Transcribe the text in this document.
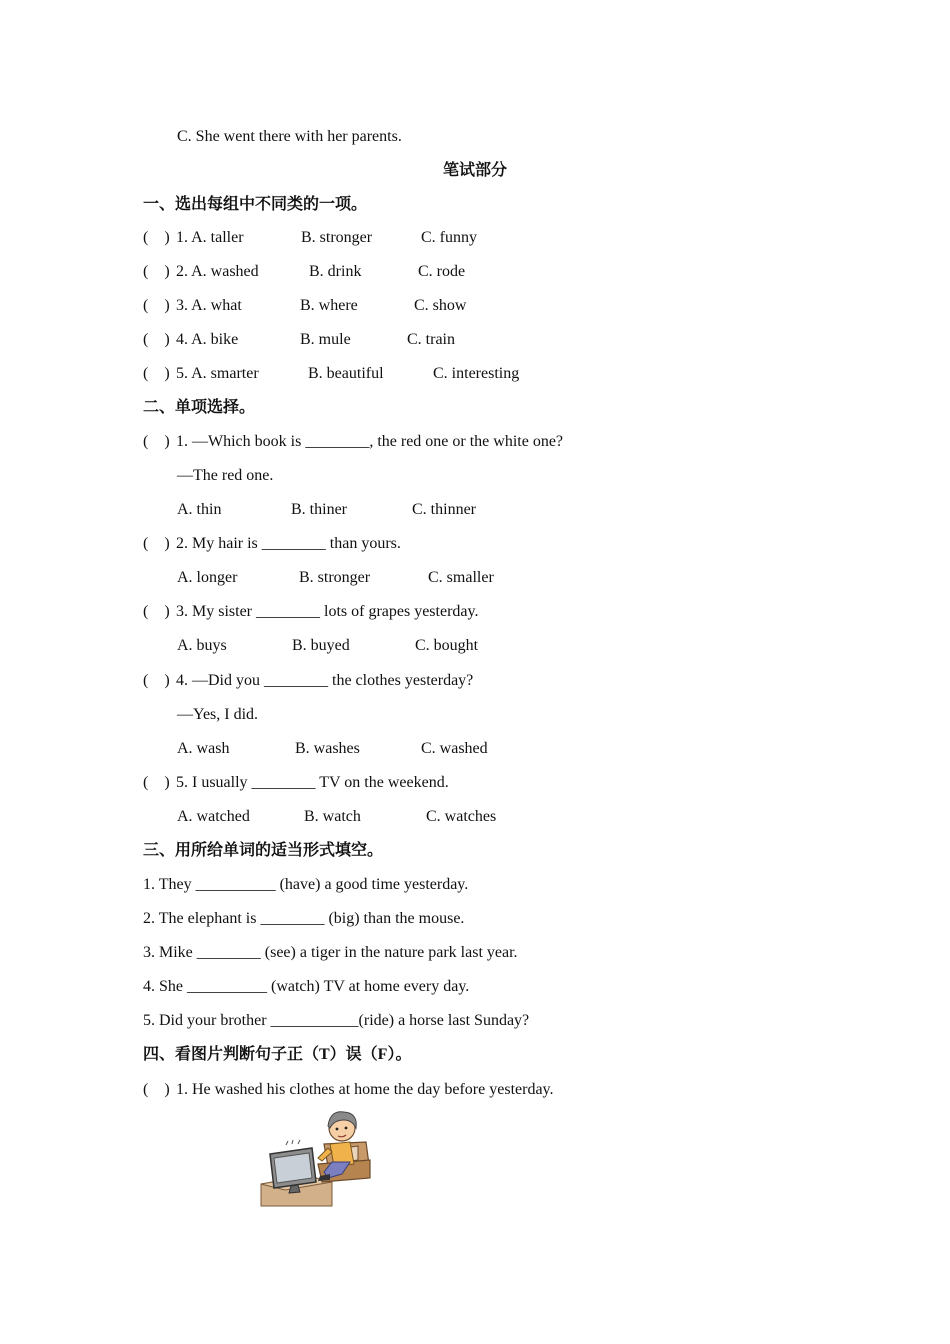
C. She went there with her parents.
笔试部分
一、选出每组中不同类的一项。
(    ) 1. A. taller	B. stronger	C. funny
(    ) 2. A. washed	B. drink	C. rode
(    ) 3. A. what	B. where	C. show
(    ) 4. A. bike	B. mule	C. train
(    ) 5. A. smarter	B. beautiful	C. interesting
二、单项选择。
(    ) 1. —Which book is ________, the red one or the white one?
—The red one.
A. thin	B. thiner	C. thinner
(    ) 2. My hair is ________ than yours.
A. longer	B. stronger	C. smaller
(    ) 3. My sister ________ lots of grapes yesterday.
A. buys	B. buyed	C. bought
(    ) 4. —Did you ________ the clothes yesterday?
—Yes, I did.
A. wash	B. washes	C. washed
(    ) 5. I usually ________ TV on the weekend.
A. watched	B. watch	C. watches
三、用所给单词的适当形式填空。
1. They __________ (have) a good time yesterday.
2. The elephant is ________ (big) than the mouse.
3. Mike ________ (see) a tiger in the nature park last year.
4. She __________ (watch) TV at home every day.
5. Did your brother ___________(ride) a horse last Sunday?
四、看图片判断句子正（T）误（F）。
(    ) 1. He washed his clothes at home the day before yesterday.
